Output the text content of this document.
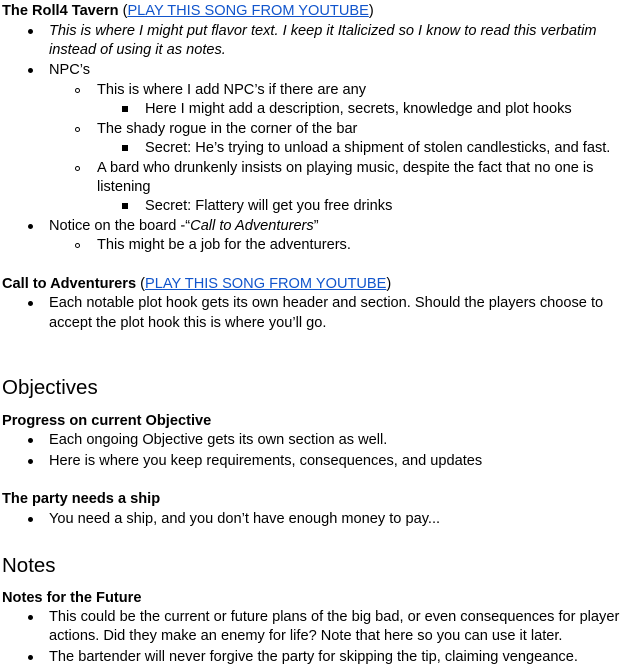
The Roll4 Tavern (PLAY THIS SONG FROM YOUTUBE)
This is where I might put flavor text. I keep it Italicized so I know to read this verbatim
instead of using it as notes.
NPC’s
This is where I add NPC’s if there are any
Here I might add a description, secrets, knowledge and plot hooks
The shady rogue in the corner of the bar
Secret: He’s trying to unload a shipment of stolen candlesticks, and fast.
A bard who drunkenly insists on playing music, despite the fact that no one is
listening
Secret: Flattery will get you free drinks
Notice on the board -“Call to Adventurers”
This might be a job for the adventurers.
Call to Adventurers (PLAY THIS SONG FROM YOUTUBE)
Each notable plot hook gets its own header and section. Should the players choose to
accept the plot hook this is where you’ll go.
Objectives
Progress on current Objective
Each ongoing Objective gets its own section as well.
Here is where you keep requirements, consequences, and updates
The party needs a ship
You need a ship, and you don’t have enough money to pay...
Notes
Notes for the Future
This could be the current or future plans of the big bad, or even consequences for player
actions. Did they make an enemy for life? Note that here so you can use it later.
The bartender will never forgive the party for skipping the tip, claiming vengeance.
